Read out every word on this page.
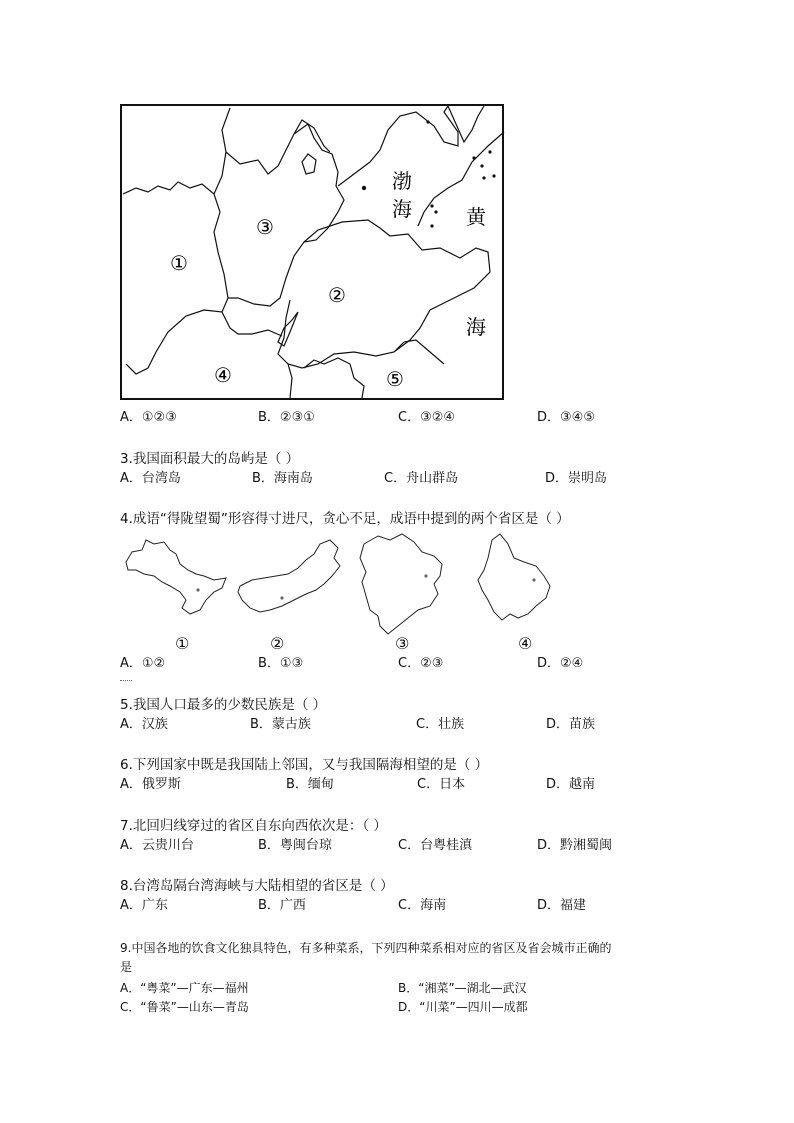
渤
海	黄
海
①
②
③
④	⑤
A．①②③	B．②③①	C．③②④	D．③④⑤
3.我国面积最大的岛屿是（ ）
A．台湾岛	B．海南岛	C．舟山群岛	D．崇明岛
4.成语“得陇望蜀”形容得寸进尺，贪心不足，成语中提到的两个省区是（ ）
①	②	③	④
A．①②	B．①③	C．②③	D．②④
5.我国人口最多的少数民族是（ ）
A．汉族	B．蒙古族	C．壮族	D．苗族
6.下列国家中既是我国陆上邻国，又与我国隔海相望的是（ ）
A．俄罗斯	B．缅甸	C．日本	D．越南
7.北回归线穿过的省区自东向西依次是：（ ）
A．云贵川台	B．粤闽台琼	C．台粤桂滇	D．黔湘蜀闽
8.台湾岛隔台湾海峡与大陆相望的省区是（ ）
A．广东	B．广西	C．海南	D．福建
9.中国各地的饮食文化独具特色，有多种菜系，下列四种菜系相对应的省区及省会城市正确的
是
A．“粤菜”—广东—福州	B．“湘菜”—湖北—武汉
C．“鲁菜”—山东—青岛	D．“川菜”—四川—成都
